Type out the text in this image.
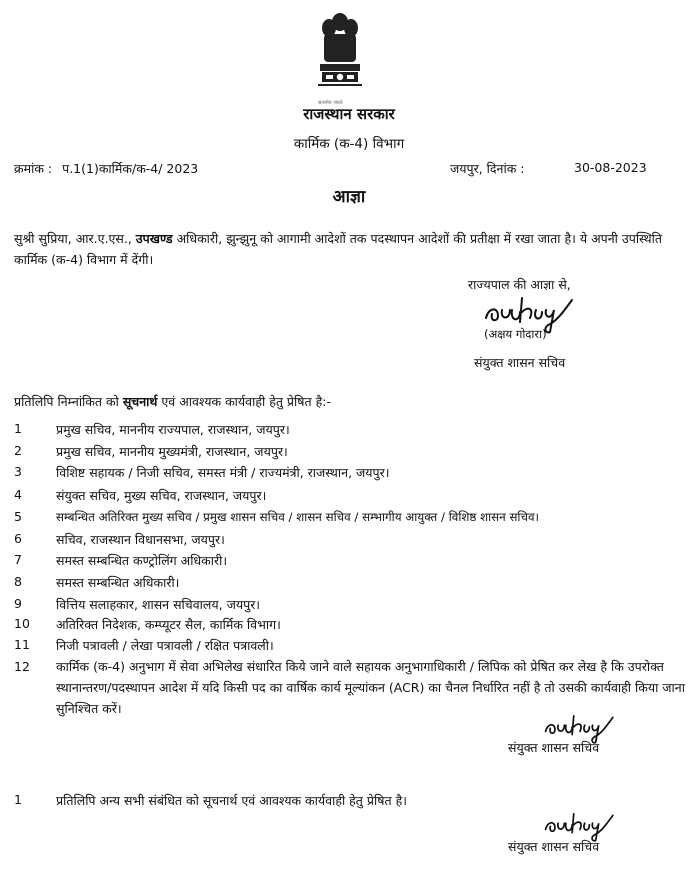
सत्यमेव जयते
राजस्थान सरकार
कार्मिक (क-4) विभाग
क्रमांक : प.1(1)कार्मिक/क-4/ 2023	जयपुर, दिनांक :	30-08-2023
आज्ञा
सुश्री सुप्रिया, आर.ए.एस., उपखण्ड अधिकारी, झुन्झुनू को आगामी आदेशों तक पदस्थापन आदेशों की प्रतीक्षा में रखा जाता है। ये अपनी उपस्थिति कार्मिक (क-4) विभाग में देंगी।
राज्यपाल की आज्ञा से,
(अक्षय गोदारा)
संयुक्त शासन सचिव
प्रतिलिपि निम्नांकित को सूचनार्थ एवं आवश्यक कार्यवाही हेतु प्रेषित है:-
1	प्रमुख सचिव, माननीय राज्यपाल, राजस्थान, जयपुर।
2	प्रमुख सचिव, माननीय मुख्यमंत्री, राजस्थान, जयपुर।
3	विशिष्ट सहायक / निजी सचिव, समस्त मंत्री / राज्यमंत्री, राजस्थान, जयपुर।
4	संयुक्त सचिव, मुख्य सचिव, राजस्थान, जयपुर।
5	सम्बन्धित अतिरिक्त मुख्य सचिव / प्रमुख शासन सचिव / शासन सचिव / सम्भागीय आयुक्त / विशिष्ठ शासन सचिव।
6	सचिव, राजस्थान विधानसभा, जयपुर।
7	समस्त सम्बन्धित कण्ट्रोलिंग अधिकारी।
8	समस्त सम्बन्धित अधिकारी।
9	वित्तिय सलाहकार, शासन सचिवालय, जयपुर।
10 अतिरिक्त निदेशक, कम्प्यूटर सैल, कार्मिक विभाग।
11 निजी पत्रावली / लेखा पत्रावली / रक्षित पत्रावली।
12 कार्मिक (क-4) अनुभाग में सेवा अभिलेख संधारित किये जाने वाले सहायक अनुभागाधिकारी / लिपिक को प्रेषित कर लेख है कि उपरोक्त स्थानान्तरण/पदस्थापन आदेश में यदि किसी पद का वार्षिक कार्य मूल्यांकन (ACR) का चैनल निर्धारित नहीं है तो उसकी कार्यवाही किया जाना सुनिश्चित करें।
संयुक्त शासन सचिव
1	प्रतिलिपि अन्य सभी संबंधित को सूचनार्थ एवं आवश्यक कार्यवाही हेतु प्रेषित है।
संयुक्त शासन सचिव
